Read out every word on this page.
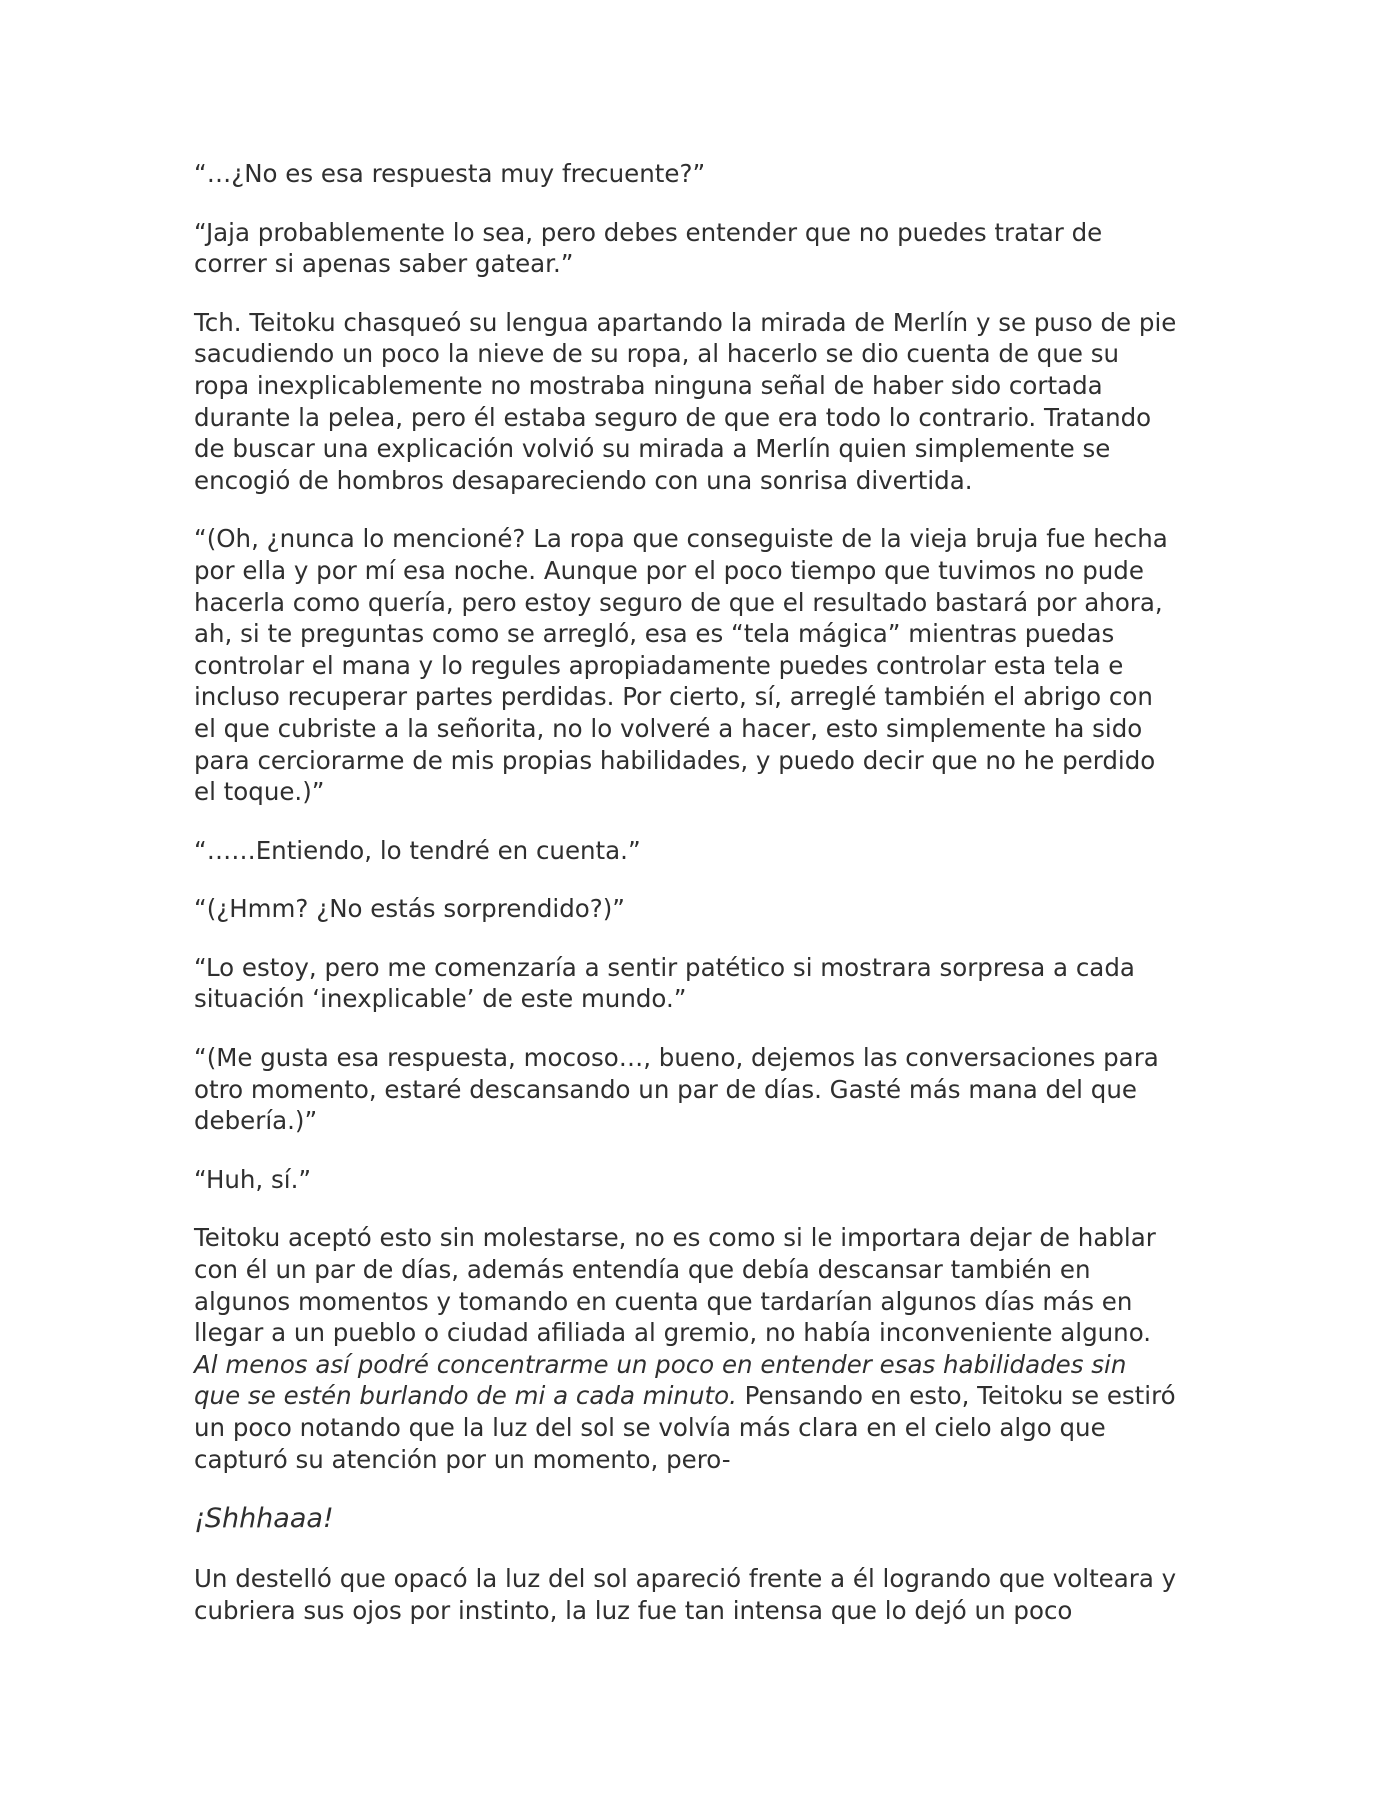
“…¿No es esa respuesta muy frecuente?”

“Jaja probablemente lo sea, pero debes entender que no puedes tratar de
correr si apenas saber gatear.”

Tch. Teitoku chasqueó su lengua apartando la mirada de Merlín y se puso de pie
sacudiendo un poco la nieve de su ropa, al hacerlo se dio cuenta de que su
ropa inexplicablemente no mostraba ninguna señal de haber sido cortada
durante la pelea, pero él estaba seguro de que era todo lo contrario. Tratando
de buscar una explicación volvió su mirada a Merlín quien simplemente se
encogió de hombros desapareciendo con una sonrisa divertida.

“(Oh, ¿nunca lo mencioné? La ropa que conseguiste de la vieja bruja fue hecha
por ella y por mí esa noche. Aunque por el poco tiempo que tuvimos no pude
hacerla como quería, pero estoy seguro de que el resultado bastará por ahora,
ah, si te preguntas como se arregló, esa es “tela mágica” mientras puedas
controlar el mana y lo regules apropiadamente puedes controlar esta tela e
incluso recuperar partes perdidas. Por cierto, sí, arreglé también el abrigo con
el que cubriste a la señorita, no lo volveré a hacer, esto simplemente ha sido
para cerciorarme de mis propias habilidades, y puedo decir que no he perdido
el toque.)”

“……Entiendo, lo tendré en cuenta.”

“(¿Hmm? ¿No estás sorprendido?)”

“Lo estoy, pero me comenzaría a sentir patético si mostrara sorpresa a cada
situación ‘inexplicable’ de este mundo.”

“(Me gusta esa respuesta, mocoso…, bueno, dejemos las conversaciones para
otro momento, estaré descansando un par de días. Gasté más mana del que
debería.)”

“Huh, sí.”

Teitoku aceptó esto sin molestarse, no es como si le importara dejar de hablar
con él un par de días, además entendía que debía descansar también en
algunos momentos y tomando en cuenta que tardarían algunos días más en
llegar a un pueblo o ciudad afiliada al gremio, no había inconveniente alguno.
Al menos así podré concentrarme un poco en entender esas habilidades sin
que se estén burlando de mi a cada minuto. Pensando en esto, Teitoku se estiró
un poco notando que la luz del sol se volvía más clara en el cielo algo que
capturó su atención por un momento, pero-

¡Shhhaaa!

Un destelló que opacó la luz del sol apareció frente a él logrando que volteara y
cubriera sus ojos por instinto, la luz fue tan intensa que lo dejó un poco
